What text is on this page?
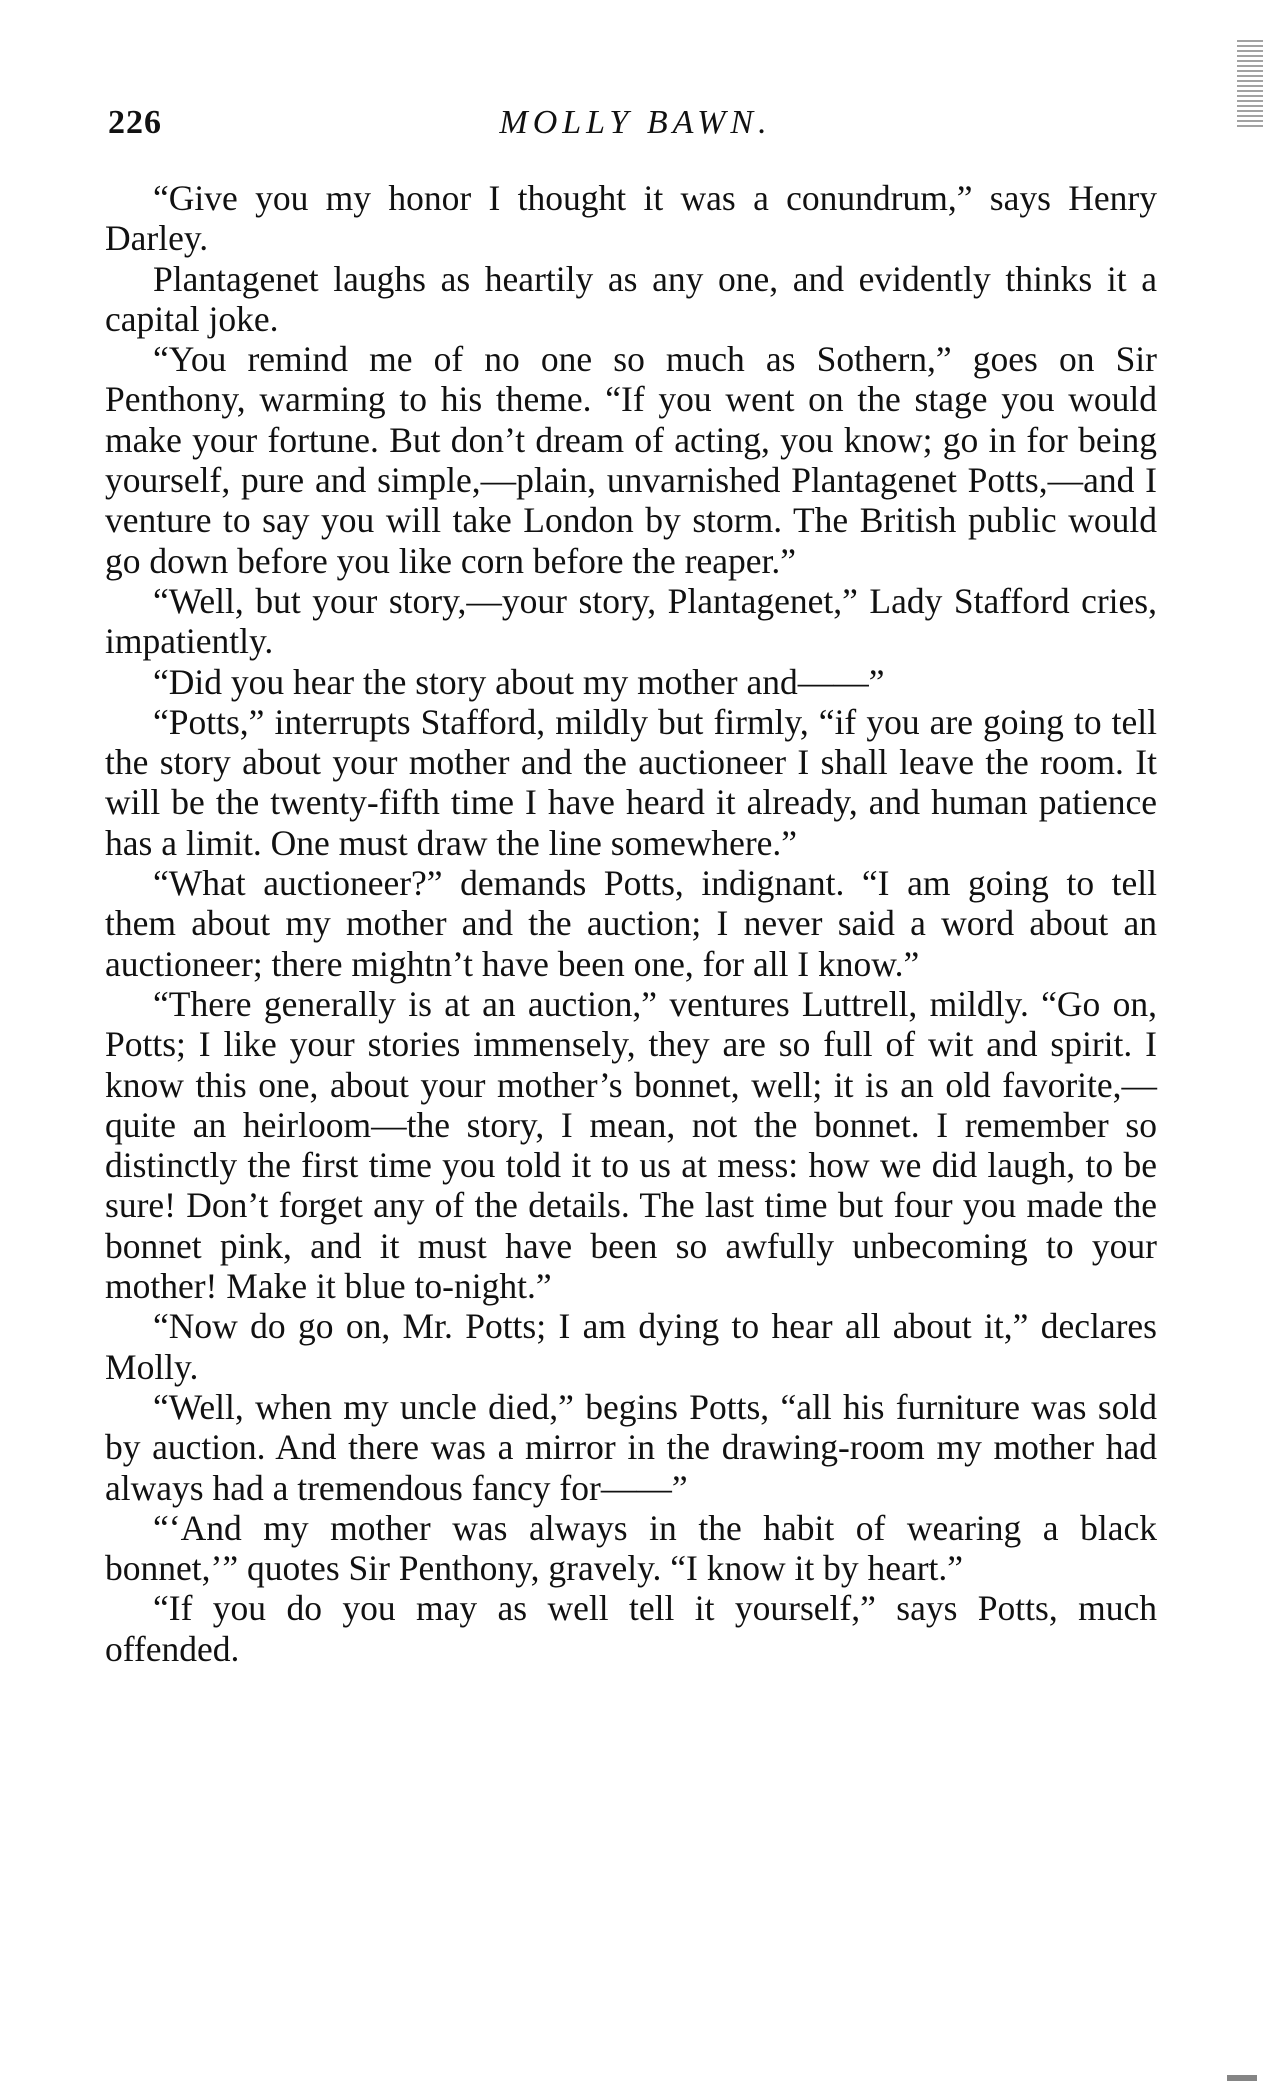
226	MOLLY BAWN.

“Give you my honor I thought it was a conundrum,” says Henry Darley.

Plantagenet laughs as heartily as any one, and evidently thinks it a capital joke.

“You remind me of no one so much as Sothern,” goes on Sir Penthony, warming to his theme. “If you went on the stage you would make your fortune. But don’t dream of acting, you know; go in for being yourself, pure and simple,—plain, unvarnished Plantagenet Potts,—and I venture to say you will take London by storm. The British public would go down before you like corn before the reaper.”

“Well, but your story,—your story, Plantagenet,” Lady Stafford cries, impatiently.

“Did you hear the story about my mother and——”

“Potts,” interrupts Stafford, mildly but firmly, “if you are going to tell the story about your mother and the auctioneer I shall leave the room. It will be the twenty-fifth time I have heard it already, and human patience has a limit. One must draw the line somewhere.”

“What auctioneer?” demands Potts, indignant. “I am going to tell them about my mother and the auction; I never said a word about an auctioneer; there mightn’t have been one, for all I know.”

“There generally is at an auction,” ventures Luttrell, mildly. “Go on, Potts; I like your stories immensely, they are so full of wit and spirit. I know this one, about your mother’s bonnet, well; it is an old favorite,—quite an heirloom—the story, I mean, not the bonnet. I remember so distinctly the first time you told it to us at mess: how we did laugh, to be sure! Don’t forget any of the details. The last time but four you made the bonnet pink, and it must have been so awfully unbecoming to your mother! Make it blue to-night.”

“Now do go on, Mr. Potts; I am dying to hear all about it,” declares Molly.

“Well, when my uncle died,” begins Potts, “all his furniture was sold by auction. And there was a mirror in the drawing-room my mother had always had a tremendous fancy for——”

“‘And my mother was always in the habit of wearing a black bonnet,’” quotes Sir Penthony, gravely. “I know it by heart.”

“If you do you may as well tell it yourself,” says Potts, much offended.
